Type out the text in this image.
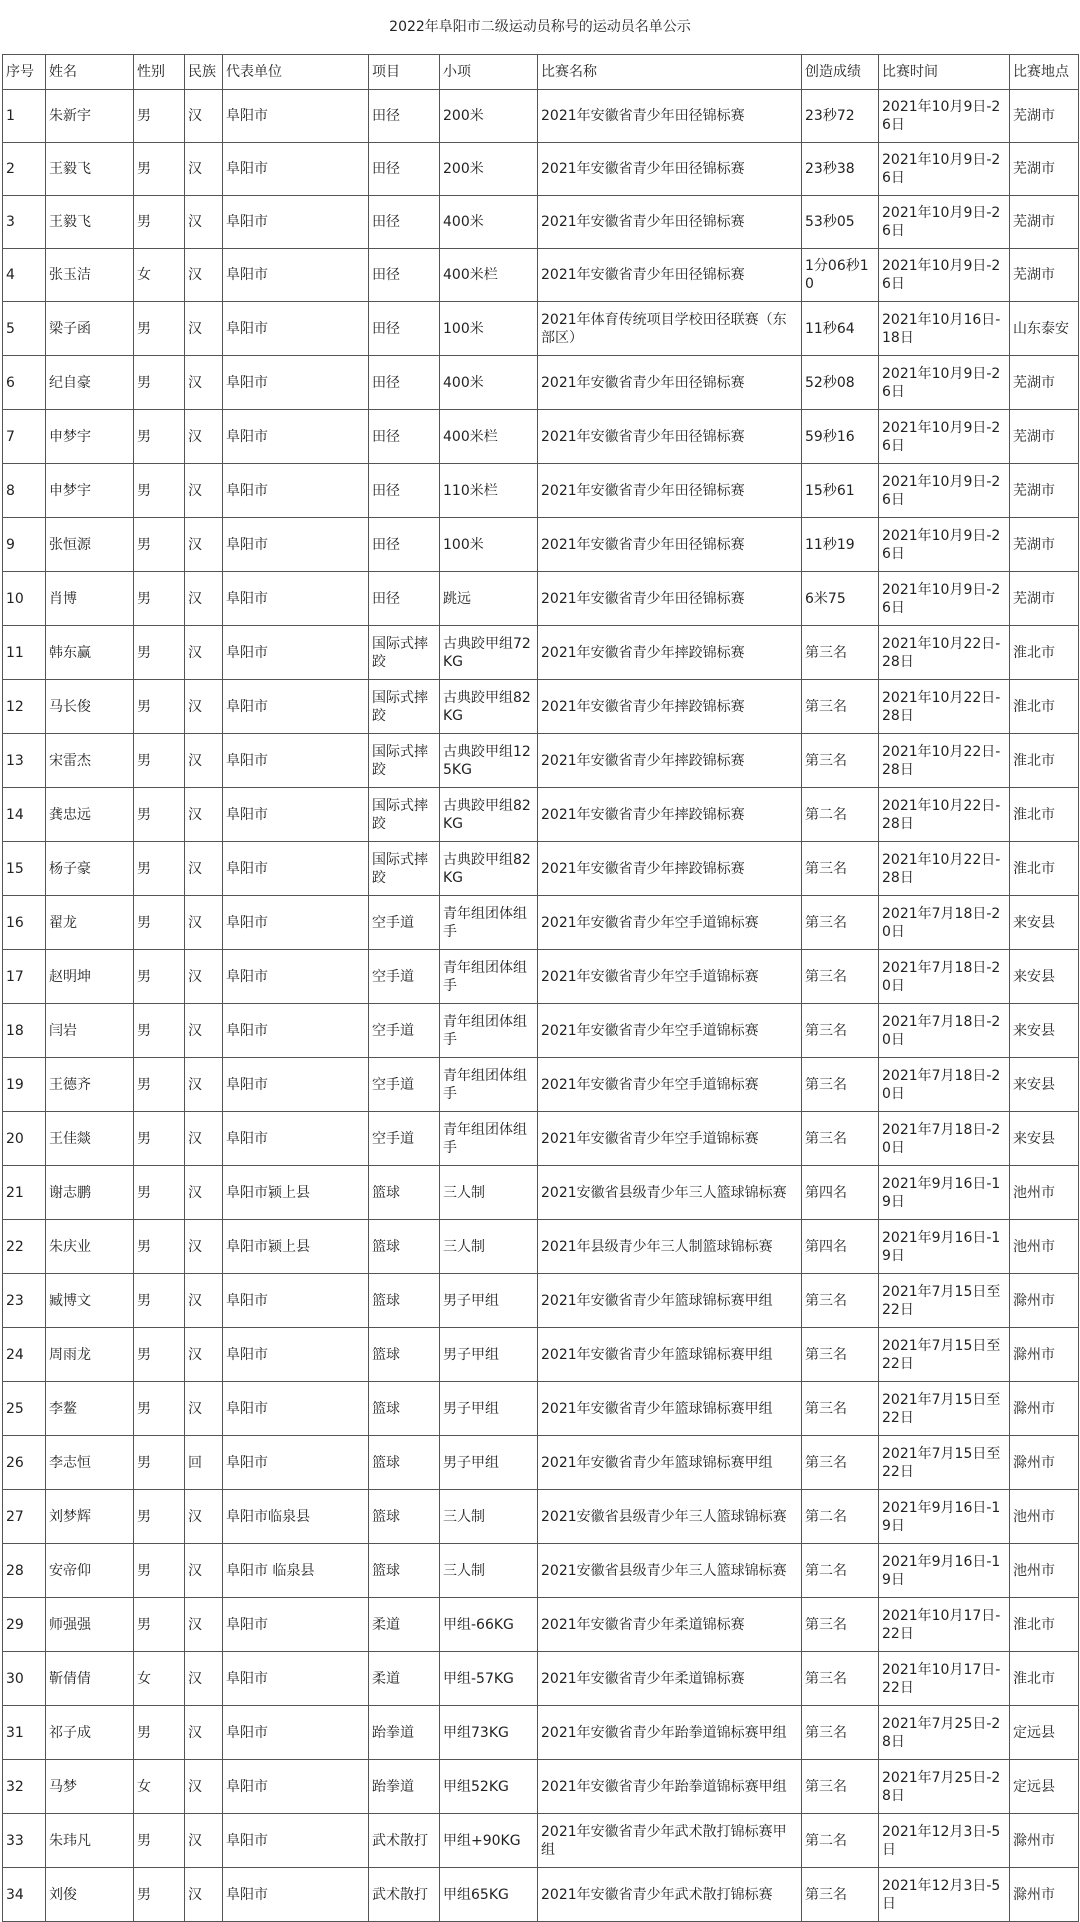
2022年阜阳市二级运动员称号的运动员名单公示
序号	姓名	性别	民族	代表单位	项目	小项	比赛名称	创造成绩	比赛时间	比赛地点
1	朱新宇	男	汉	阜阳市	田径	200米	2021年安徽省青少年田径锦标赛	23秒72	2021年10月9日-26日	芜湖市
2	王毅飞	男	汉	阜阳市	田径	200米	2021年安徽省青少年田径锦标赛	23秒38	2021年10月9日-26日	芜湖市
3	王毅飞	男	汉	阜阳市	田径	400米	2021年安徽省青少年田径锦标赛	53秒05	2021年10月9日-26日	芜湖市
4	张玉洁	女	汉	阜阳市	田径	400米栏	2021年安徽省青少年田径锦标赛	1分06秒10	2021年10月9日-26日	芜湖市
5	梁子函	男	汉	阜阳市	田径	100米	2021年体育传统项目学校田径联赛（东部区）	11秒64	2021年10月16日-18日	山东泰安
6	纪自豪	男	汉	阜阳市	田径	400米	2021年安徽省青少年田径锦标赛	52秒08	2021年10月9日-26日	芜湖市
7	申梦宇	男	汉	阜阳市	田径	400米栏	2021年安徽省青少年田径锦标赛	59秒16	2021年10月9日-26日	芜湖市
8	申梦宇	男	汉	阜阳市	田径	110米栏	2021年安徽省青少年田径锦标赛	15秒61	2021年10月9日-26日	芜湖市
9	张恒源	男	汉	阜阳市	田径	100米	2021年安徽省青少年田径锦标赛	11秒19	2021年10月9日-26日	芜湖市
10	肖博	男	汉	阜阳市	田径	跳远	2021年安徽省青少年田径锦标赛	6米75	2021年10月9日-26日	芜湖市
11	韩东赢	男	汉	阜阳市	国际式摔跤	古典跤甲组72KG	2021年安徽省青少年摔跤锦标赛	第三名	2021年10月22日-28日	淮北市
12	马长俊	男	汉	阜阳市	国际式摔跤	古典跤甲组82KG	2021年安徽省青少年摔跤锦标赛	第三名	2021年10月22日-28日	淮北市
13	宋雷杰	男	汉	阜阳市	国际式摔跤	古典跤甲组125KG	2021年安徽省青少年摔跤锦标赛	第三名	2021年10月22日-28日	淮北市
14	龚忠远	男	汉	阜阳市	国际式摔跤	古典跤甲组82KG	2021年安徽省青少年摔跤锦标赛	第二名	2021年10月22日-28日	淮北市
15	杨子豪	男	汉	阜阳市	国际式摔跤	古典跤甲组82KG	2021年安徽省青少年摔跤锦标赛	第三名	2021年10月22日-28日	淮北市
16	翟龙	男	汉	阜阳市	空手道	青年组团体组手	2021年安徽省青少年空手道锦标赛	第三名	2021年7月18日-20日	来安县
17	赵明坤	男	汉	阜阳市	空手道	青年组团体组手	2021年安徽省青少年空手道锦标赛	第三名	2021年7月18日-20日	来安县
18	闫岩	男	汉	阜阳市	空手道	青年组团体组手	2021年安徽省青少年空手道锦标赛	第三名	2021年7月18日-20日	来安县
19	王德齐	男	汉	阜阳市	空手道	青年组团体组手	2021年安徽省青少年空手道锦标赛	第三名	2021年7月18日-20日	来安县
20	王佳燚	男	汉	阜阳市	空手道	青年组团体组手	2021年安徽省青少年空手道锦标赛	第三名	2021年7月18日-20日	来安县
21	谢志鹏	男	汉	阜阳市颍上县	篮球	三人制	2021安徽省县级青少年三人篮球锦标赛	第四名	2021年9月16日-19日	池州市
22	朱庆业	男	汉	阜阳市颍上县	篮球	三人制	2021年县级青少年三人制篮球锦标赛	第四名	2021年9月16日-19日	池州市
23	臧博文	男	汉	阜阳市	篮球	男子甲组	2021年安徽省青少年篮球锦标赛甲组	第三名	2021年7月15日至22日	滁州市
24	周雨龙	男	汉	阜阳市	篮球	男子甲组	2021年安徽省青少年篮球锦标赛甲组	第三名	2021年7月15日至22日	滁州市
25	李鳌	男	汉	阜阳市	篮球	男子甲组	2021年安徽省青少年篮球锦标赛甲组	第三名	2021年7月15日至22日	滁州市
26	李志恒	男	回	阜阳市	篮球	男子甲组	2021年安徽省青少年篮球锦标赛甲组	第三名	2021年7月15日至22日	滁州市
27	刘梦辉	男	汉	阜阳市临泉县	篮球	三人制	2021安徽省县级青少年三人篮球锦标赛	第二名	2021年9月16日-19日	池州市
28	安帝仰	男	汉	阜阳市 临泉县	篮球	三人制	2021安徽省县级青少年三人篮球锦标赛	第二名	2021年9月16日-19日	池州市
29	师强强	男	汉	阜阳市	柔道	甲组-66KG	2021年安徽省青少年柔道锦标赛	第三名	2021年10月17日-22日	淮北市
30	靳倩倩	女	汉	阜阳市	柔道	甲组-57KG	2021年安徽省青少年柔道锦标赛	第三名	2021年10月17日-22日	淮北市
31	祁子成	男	汉	阜阳市	跆拳道	甲组73KG	2021年安徽省青少年跆拳道锦标赛甲组	第三名	2021年7月25日-28日	定远县
32	马梦	女	汉	阜阳市	跆拳道	甲组52KG	2021年安徽省青少年跆拳道锦标赛甲组	第三名	2021年7月25日-28日	定远县
33	朱玮凡	男	汉	阜阳市	武术散打	甲组+90KG	2021年安徽省青少年武术散打锦标赛甲组	第二名	2021年12月3日-5日	滁州市
34	刘俊	男	汉	阜阳市	武术散打	甲组65KG	2021年安徽省青少年武术散打锦标赛	第三名	2021年12月3日-5日	滁州市
